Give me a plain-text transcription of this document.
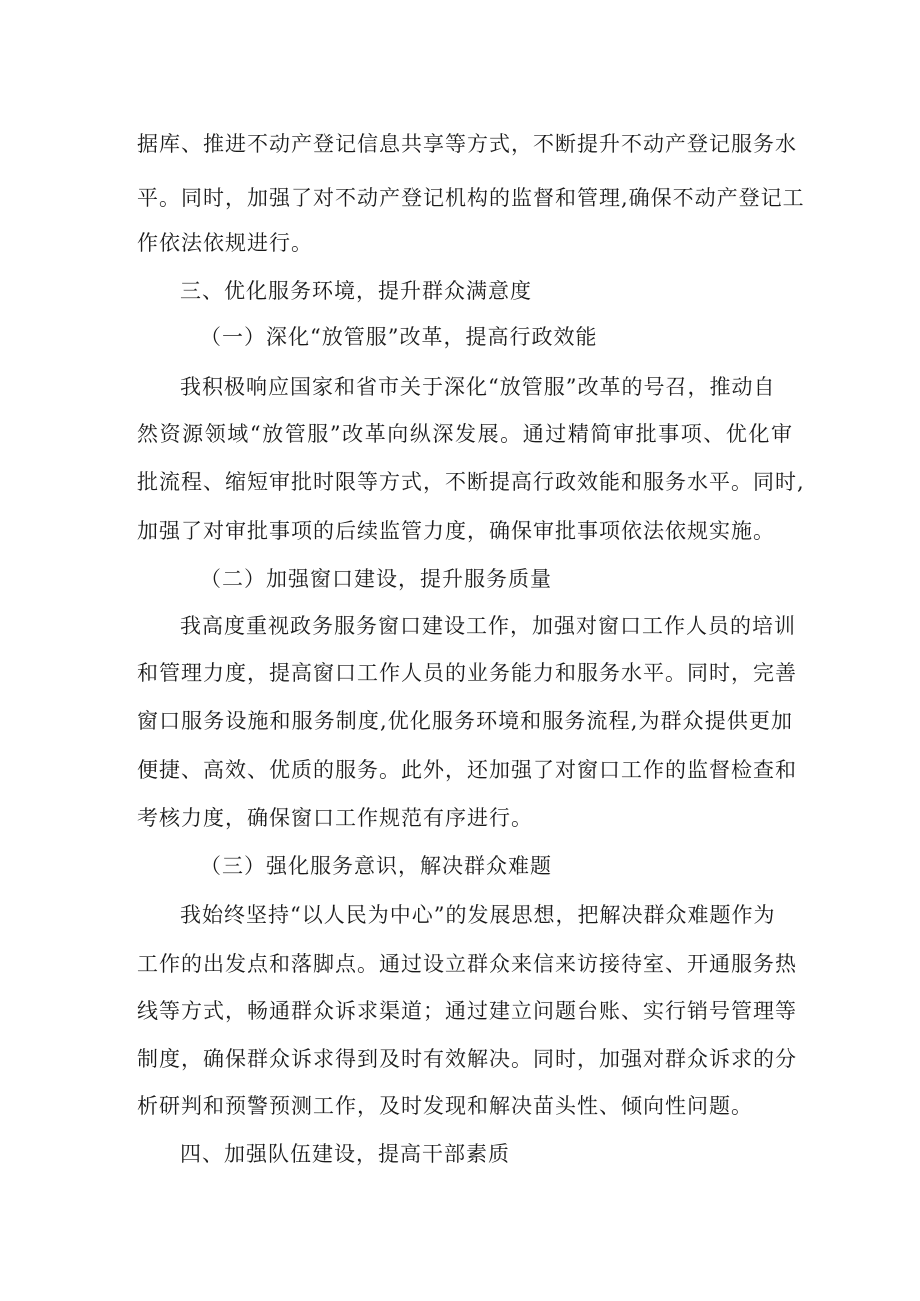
据库、推进不动产登记信息共享等方式，不断提升不动产登记服务水
平。同时，加强了对不动产登记机构的监督和管理,确保不动产登记工
作依法依规进行。
三、优化服务环境，提升群众满意度
（一）深化“放管服”改革，提高行政效能
我积极响应国家和省市关于深化“放管服”改革的号召，推动自
然资源领域“放管服”改革向纵深发展。通过精简审批事项、优化审
批流程、缩短审批时限等方式，不断提高行政效能和服务水平。同时,
加强了对审批事项的后续监管力度，确保审批事项依法依规实施。
（二）加强窗口建设，提升服务质量
我高度重视政务服务窗口建设工作，加强对窗口工作人员的培训
和管理力度，提高窗口工作人员的业务能力和服务水平。同时，完善
窗口服务设施和服务制度,优化服务环境和服务流程,为群众提供更加
便捷、高效、优质的服务。此外，还加强了对窗口工作的监督检查和
考核力度，确保窗口工作规范有序进行。
（三）强化服务意识，解决群众难题
我始终坚持“以人民为中心”的发展思想，把解决群众难题作为
工作的出发点和落脚点。通过设立群众来信来访接待室、开通服务热
线等方式，畅通群众诉求渠道；通过建立问题台账、实行销号管理等
制度，确保群众诉求得到及时有效解决。同时，加强对群众诉求的分
析研判和预警预测工作，及时发现和解决苗头性、倾向性问题。
四、加强队伍建设，提高干部素质
